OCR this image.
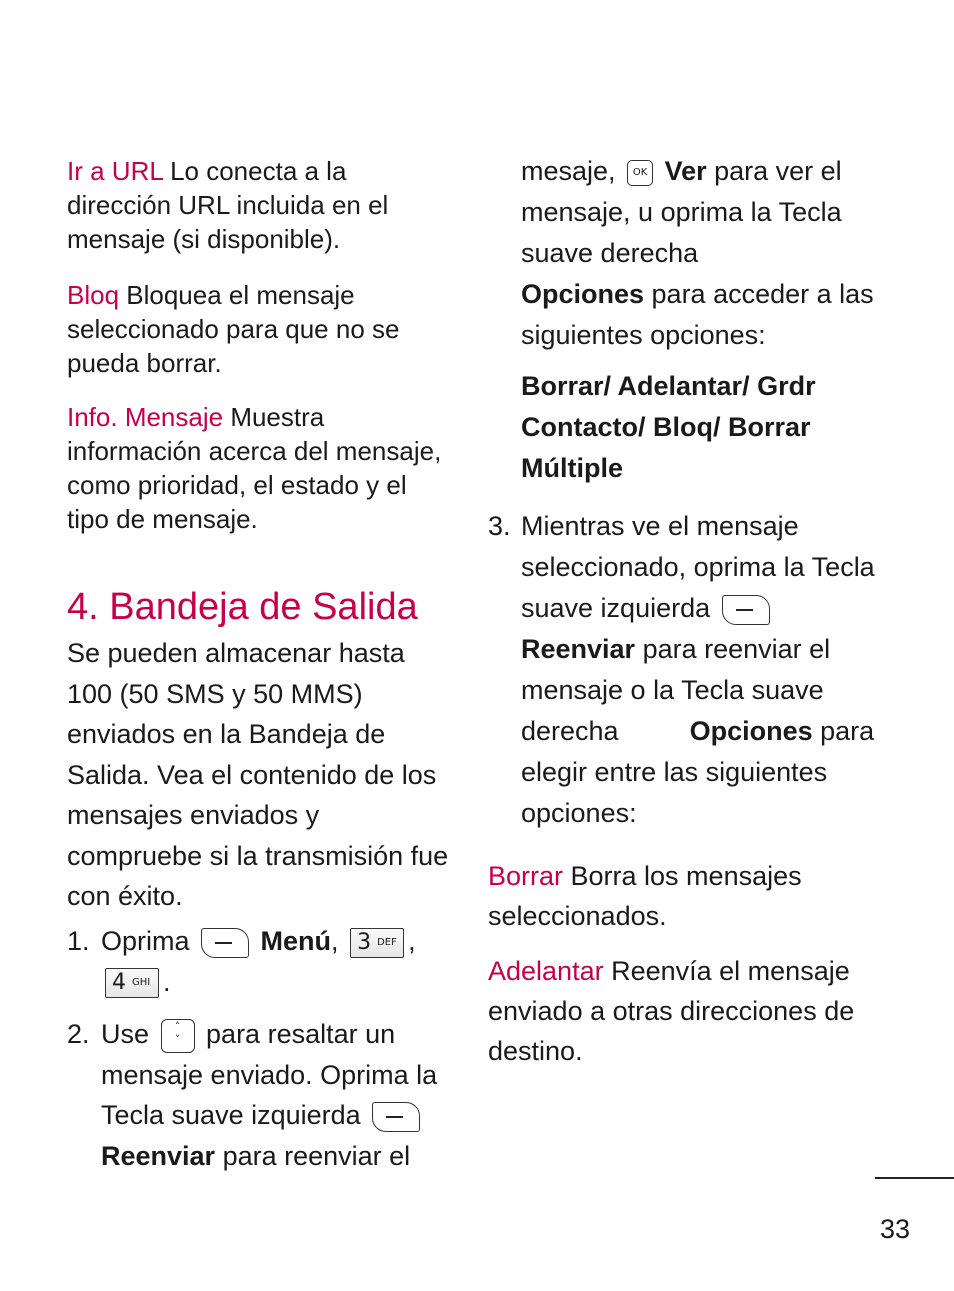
Ir a URL Lo conecta a la dirección URL incluida en el mensaje (si disponible).

Bloq Bloquea el mensaje seleccionado para que no se pueda borrar.

Info. Mensaje Muestra información acerca del mensaje, como prioridad, el estado y el tipo de mensaje.

4. Bandeja de Salida

Se pueden almacenar hasta 100 (50 SMS y 50 MMS) enviados en la Bandeja de Salida. Vea el contenido de los mensajes enviados y compruebe si la transmisión fue con éxito.

1. Oprima  Menú, 3 DEF ,
4 GHI .

2. Use ˄
˅ para resaltar un mensaje enviado. Oprima la Tecla suave izquierda  Reenviar para reenviar el

mesaje, OK Ver para ver el mensaje, u oprima la Tecla suave derecha  Opciones para acceder a las siguientes opciones:

Borrar/ Adelantar/ Grdr Contacto/ Bloq/ Borrar Múltiple

3. Mientras ve el mensaje seleccionado, oprima la Tecla suave izquierda  Reenviar para reenviar el mensaje o la Tecla suave derecha  Opciones para elegir entre las siguientes opciones:

Borrar Borra los mensajes seleccionados.

Adelantar Reenvía el mensaje enviado a otras direcciones de destino.

33
